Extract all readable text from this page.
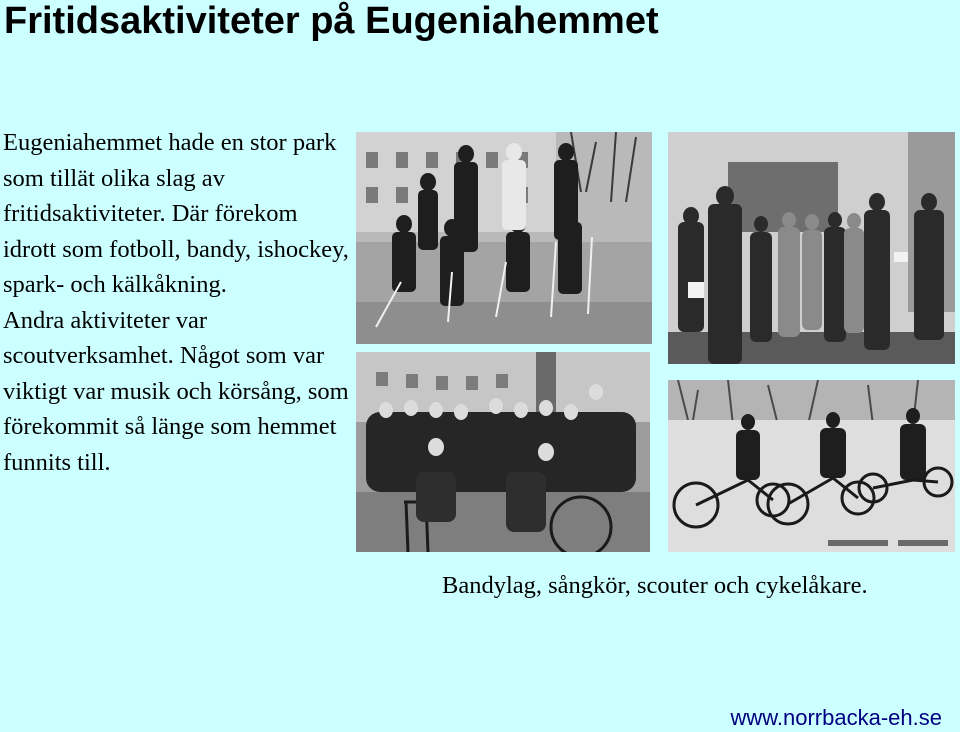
Fritidsaktiviteter på Eugeniahemmet

Eugeniahemmet hade en stor park som tillät olika slag av fritidsaktiviteter. Där förekom idrott som fotboll, bandy, ishockey, spark- och kälkåkning.

Andra aktiviteter var scoutverksamhet. Något som var viktigt var musik och körsång, som förekommit så länge som hemmet funnits till.

Bandylag, sångkör, scouter och cykelåkare.
www.norrbacka-eh.se
